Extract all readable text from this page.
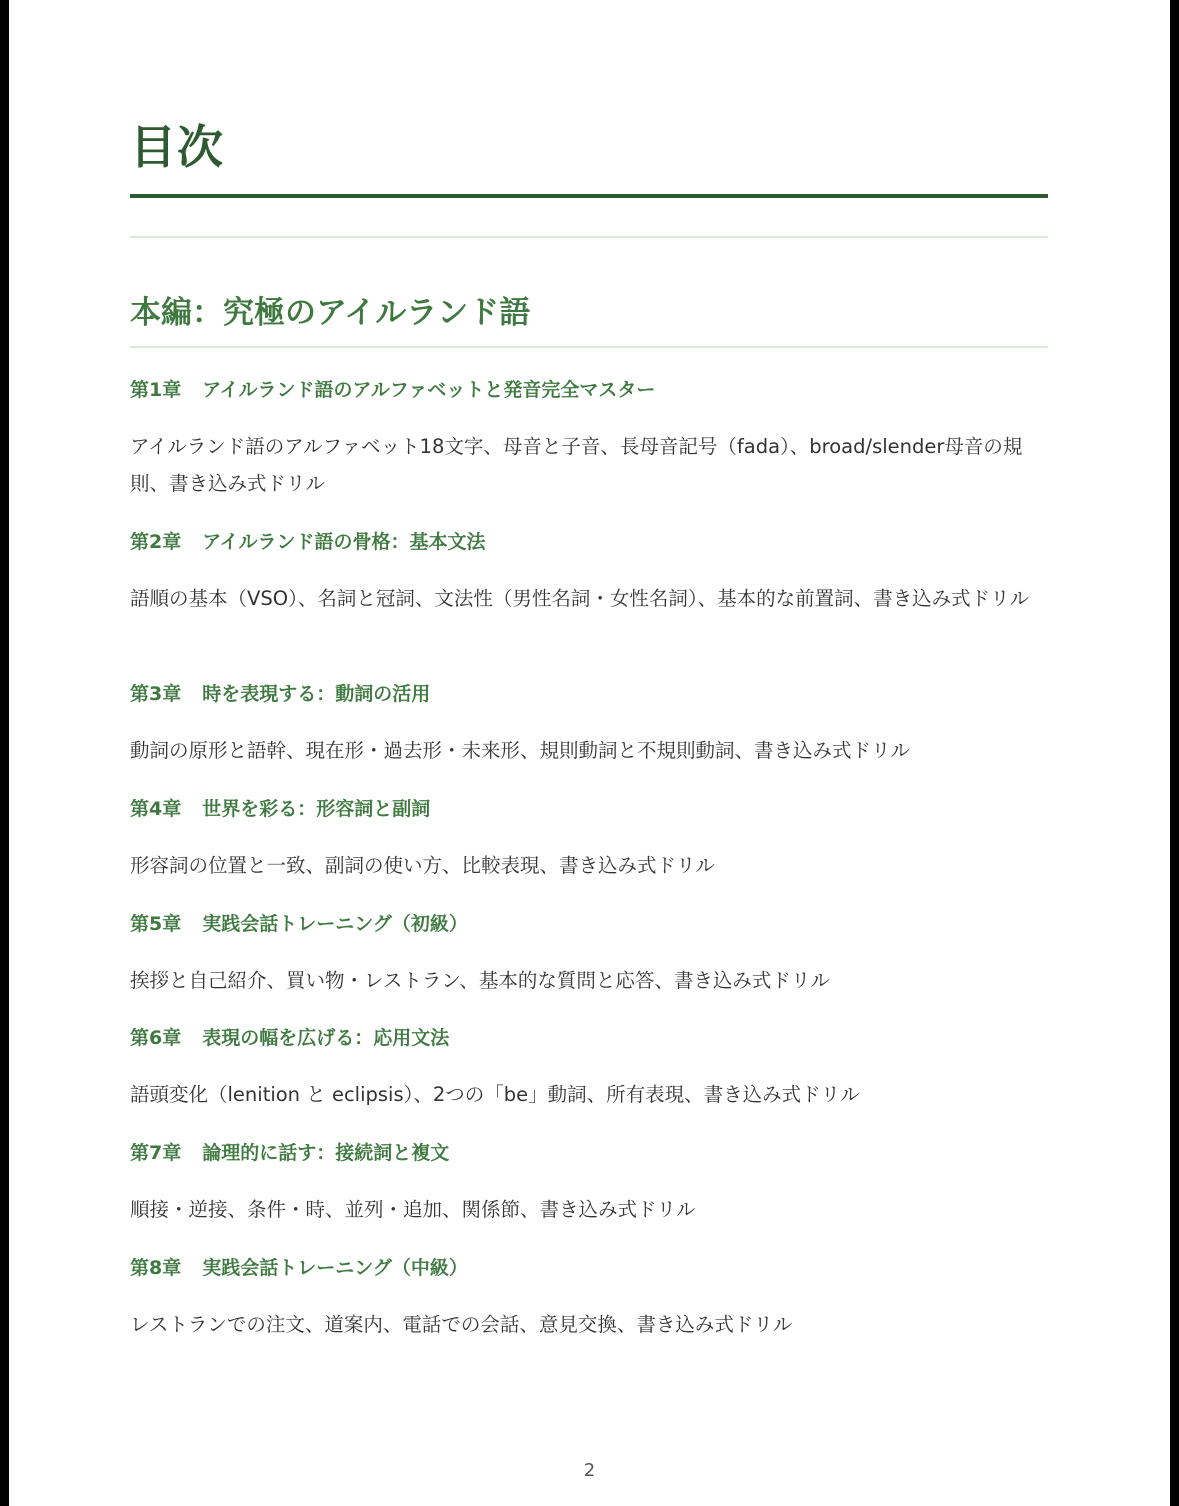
目次
本編：究極のアイルランド語
第1章 アイルランド語のアルファベットと発音完全マスター
アイルランド語のアルファベット18文字、母音と子音、長母音記号（fada）、broad/slender母音の規則、書き込み式ドリル
第2章 アイルランド語の骨格：基本文法
語順の基本（VSO）、名詞と冠詞、文法性（男性名詞・女性名詞）、基本的な前置詞、書き込み式ドリル
第3章 時を表現する：動詞の活用
動詞の原形と語幹、現在形・過去形・未来形、規則動詞と不規則動詞、書き込み式ドリル
第4章 世界を彩る：形容詞と副詞
形容詞の位置と一致、副詞の使い方、比較表現、書き込み式ドリル
第5章 実践会話トレーニング（初級）
挨拶と自己紹介、買い物・レストラン、基本的な質問と応答、書き込み式ドリル
第6章 表現の幅を広げる：応用文法
語頭変化（lenition と eclipsis）、2つの「be」動詞、所有表現、書き込み式ドリル
第7章 論理的に話す：接続詞と複文
順接・逆接、条件・時、並列・追加、関係節、書き込み式ドリル
第8章 実践会話トレーニング（中級）
レストランでの注文、道案内、電話での会話、意見交換、書き込み式ドリル
2
